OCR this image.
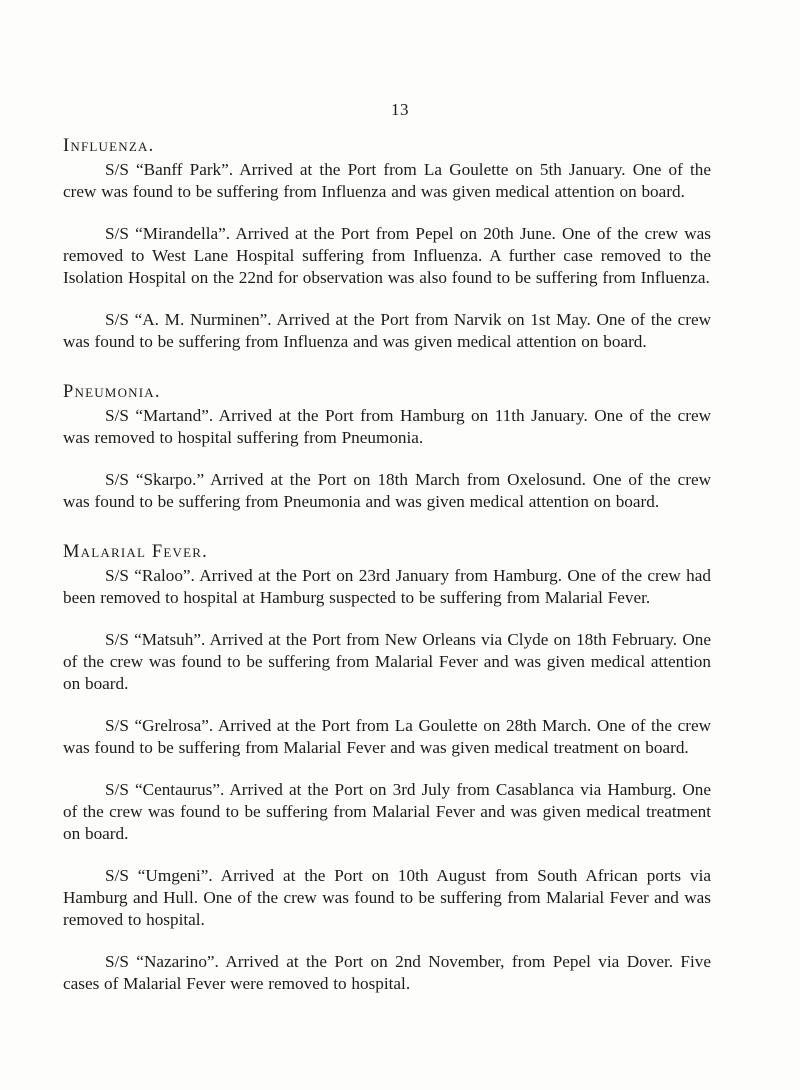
13
Influenza.

S/S “Banff Park”. Arrived at the Port from La Goulette on 5th January. One of the crew was found to be suffering from Influenza and was given medical attention on board.

S/S “Mirandella”. Arrived at the Port from Pepel on 20th June. One of the crew was removed to West Lane Hospital suffering from Influenza. A further case removed to the Isolation Hospital on the 22nd for observation was also found to be suffering from Influenza.

S/S “A. M. Nurminen”. Arrived at the Port from Narvik on 1st May. One of the crew was found to be suffering from Influenza and was given medical attention on board.

Pneumonia.

S/S “Martand”. Arrived at the Port from Hamburg on 11th January. One of the crew was removed to hospital suffering from Pneumonia.

S/S “Skarpo.” Arrived at the Port on 18th March from Oxelosund. One of the crew was found to be suffering from Pneumonia and was given medical attention on board.

Malarial Fever.

S/S “Raloo”. Arrived at the Port on 23rd January from Hamburg. One of the crew had been removed to hospital at Hamburg suspected to be suffering from Malarial Fever.

S/S “Matsuh”. Arrived at the Port from New Orleans via Clyde on 18th February. One of the crew was found to be suffering from Malarial Fever and was given medical attention on board.

S/S “Grelrosa”. Arrived at the Port from La Goulette on 28th March. One of the crew was found to be suffering from Malarial Fever and was given medical treatment on board.

S/S “Centaurus”. Arrived at the Port on 3rd July from Casablanca via Hamburg. One of the crew was found to be suffering from Malarial Fever and was given medical treatment on board.

S/S “Umgeni”. Arrived at the Port on 10th August from South African ports via Hamburg and Hull. One of the crew was found to be suffering from Malarial Fever and was removed to hospital.

S/S “Nazarino”. Arrived at the Port on 2nd November, from Pepel via Dover. Five cases of Malarial Fever were removed to hospital.
